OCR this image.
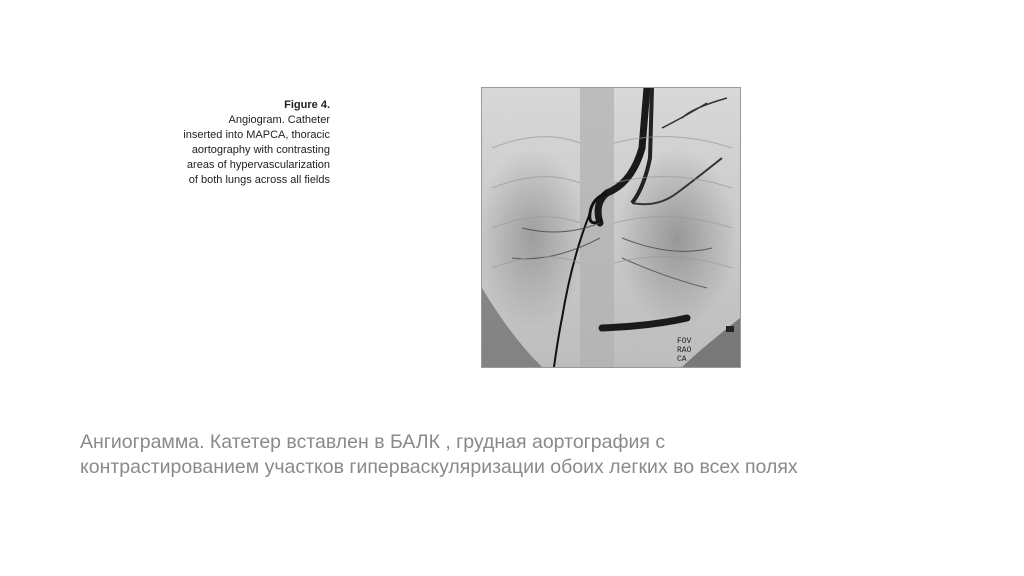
Figure 4.
Angiogram. Catheter
inserted into MAPCA, thoracic
aortography with contrasting
areas of hypervascularization
of both lungs across all fields
FOV
RAO
CA
Ангиограмма. Катетер вставлен в БАЛК , грудная аортография с
контрастированием участков гиперваскуляризации обоих легких во всех полях
